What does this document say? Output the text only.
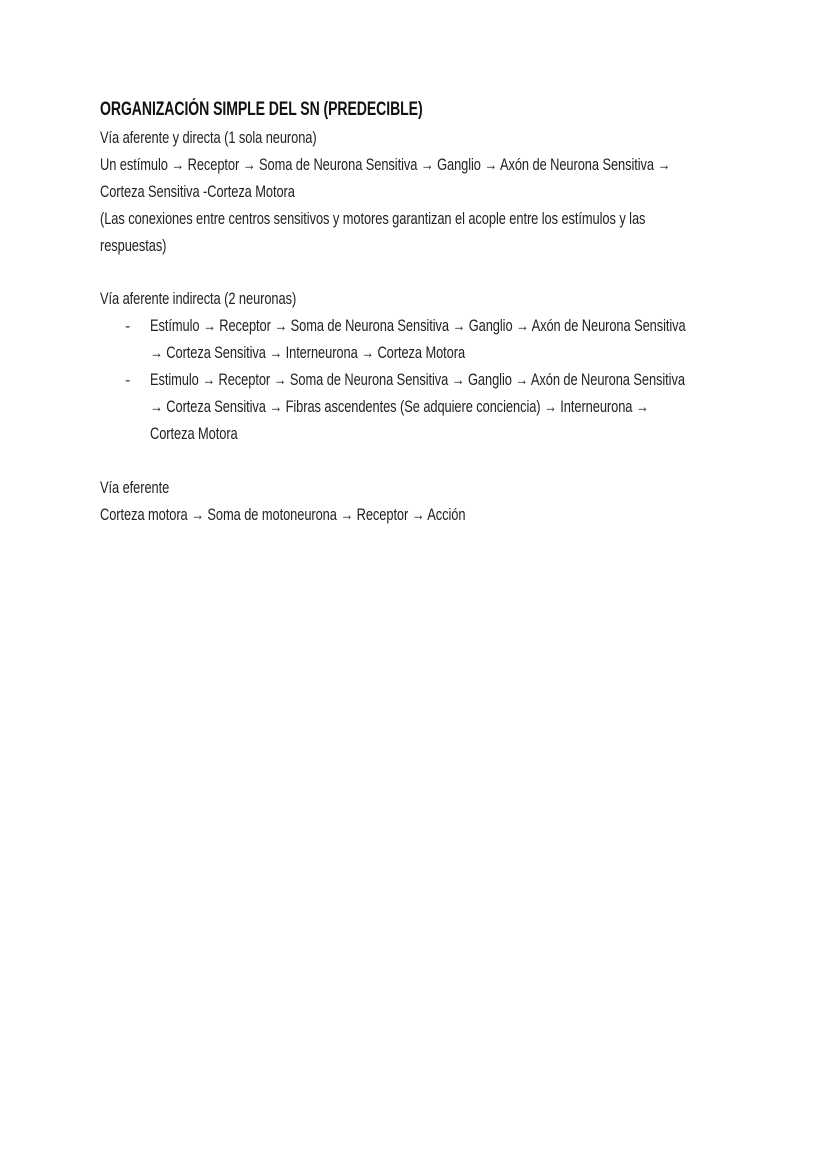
ORGANIZACIÓN SIMPLE DEL SN (PREDECIBLE)
Vía aferente y directa (1 sola neurona)
Un estímulo → Receptor → Soma de Neurona Sensitiva → Ganglio → Axón de Neurona Sensitiva →
Corteza Sensitiva -Corteza Motora
(Las conexiones entre centros sensitivos y motores garantizan el acople entre los estímulos y las
respuestas)
Vía aferente indirecta (2 neuronas)
- Estímulo → Receptor → Soma de Neurona Sensitiva → Ganglio → Axón de Neurona Sensitiva
→ Corteza Sensitiva → Interneurona → Corteza Motora
- Estimulo → Receptor → Soma de Neurona Sensitiva → Ganglio → Axón de Neurona Sensitiva
→ Corteza Sensitiva → Fibras ascendentes (Se adquiere conciencia) → Interneurona →
Corteza Motora
Vía eferente
Corteza motora → Soma de motoneurona → Receptor → Acción
